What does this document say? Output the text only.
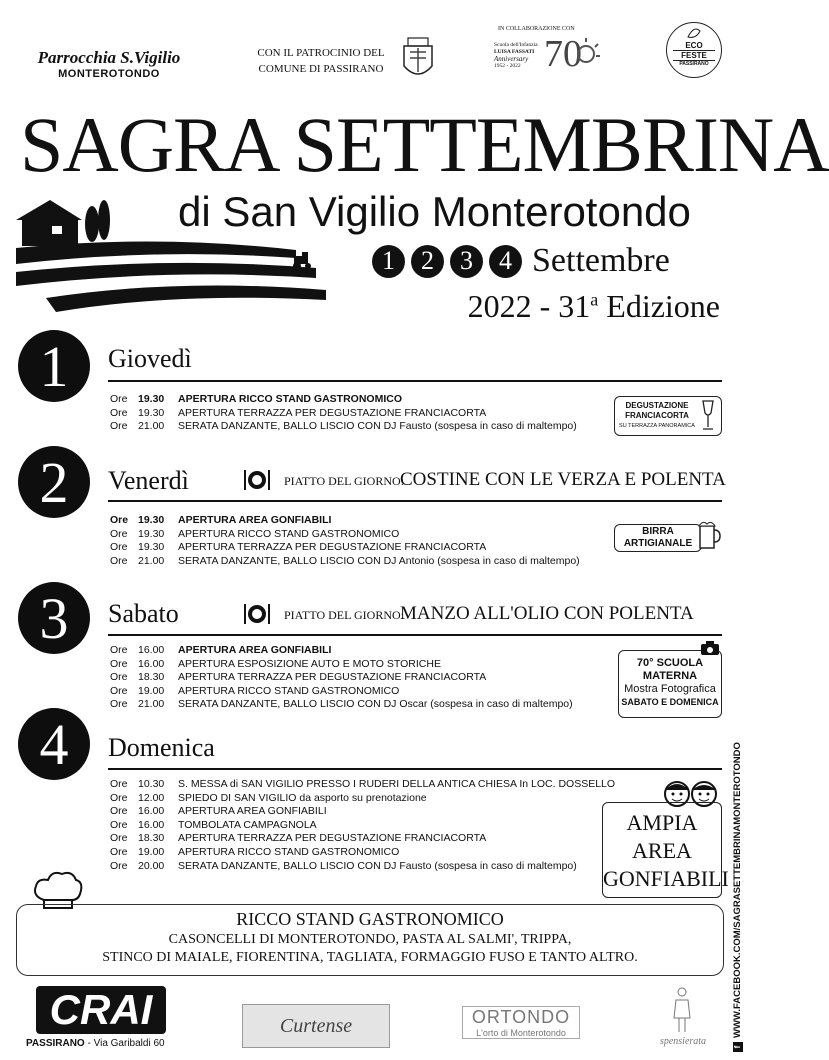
Parrocchia S.Vigilio
MONTEROTONDO
CON IL PATROCINIO DEL
COMUNE DI PASSIRANO
IN COLLABORAZIONE CON
Scuola dell'Infanzia
LUISA FASSATI
Anniversary
1952 - 2022 70	ECO
FESTE
PASSIRANO
SAGRA SETTEMBRINA
di San Vigilio Monterotondo
1	2	3	4 Settembre
2022 - 31$^a$ Edizione
1	Giovedì
Ore 19.30	APERTURA RICCO STAND GASTRONOMICO
Ore 19.30	APERTURA TERRAZZA PER DEGUSTAZIONE FRANCIACORTA
Ore 21.00	SERATA DANZANTE, BALLO LISCIO CON DJ Fausto (sospesa in caso di maltempo)
DEGUSTAZIONE
FRANCIACORTA
SU TERRAZZA PANORAMICA
2	Venerdì	PIATTO DEL GIORNO:
COSTINE CON LE VERZA E POLENTA
Ore 19.30	APERTURA AREA GONFIABILI
Ore 19.30	APERTURA RICCO STAND GASTRONOMICO
Ore 19.30	APERTURA TERRAZZA PER DEGUSTAZIONE FRANCIACORTA
Ore 21.00	SERATA DANZANTE, BALLO LISCIO CON DJ Antonio (sospesa in caso di maltempo)
BIRRA
ARTIGIANALE
3	Sabato	PIATTO DEL GIORNO:
MANZO ALL'OLIO CON POLENTA
Ore 16.00	APERTURA AREA GONFIABILI
Ore 16.00	APERTURA ESPOSIZIONE AUTO E MOTO STORICHE
Ore 18.30	APERTURA TERRAZZA PER DEGUSTAZIONE FRANCIACORTA
Ore 19.00	APERTURA RICCO STAND GASTRONOMICO
Ore 21.00	SERATA DANZANTE, BALLO LISCIO CON DJ Oscar (sospesa in caso di maltempo)
70° SCUOLA
MATERNA
Mostra Fotografica
SABATO E DOMENICA
4	Domenica
Ore 10.30	S. MESSA di SAN VIGILIO PRESSO I RUDERI DELLA ANTICA CHIESA In LOC. DOSSELLO
Ore 12.00	SPIEDO DI SAN VIGILIO da asporto su prenotazione
Ore 16.00	APERTURA AREA GONFIABILI
Ore 16.00	TOMBOLATA CAMPAGNOLA
Ore 18.30	APERTURA TERRAZZA PER DEGUSTAZIONE FRANCIACORTA
Ore 19.00	APERTURA RICCO STAND GASTRONOMICO
Ore 20.00	SERATA DANZANTE, BALLO LISCIO CON DJ Fausto (sospesa in caso di maltempo)
AMPIA
AREA
GONFIABILI
RICCO STAND GASTRONOMICO
CASONCELLI DI MONTEROTONDO, PASTA AL SALMI', TRIPPA,
STINCO DI MAIALE, FIORENTINA, TAGLIATA, FORMAGGIO FUSO E TANTO ALTRO.
CRAI
PASSIRANO - Via Garibaldi 60
Curtense	ORTONDO
L'orto di Monterotondo
spensierata
fWWW.FACEBOOK.COM/SAGRASETTEMBRINAMONTEROTONDO
